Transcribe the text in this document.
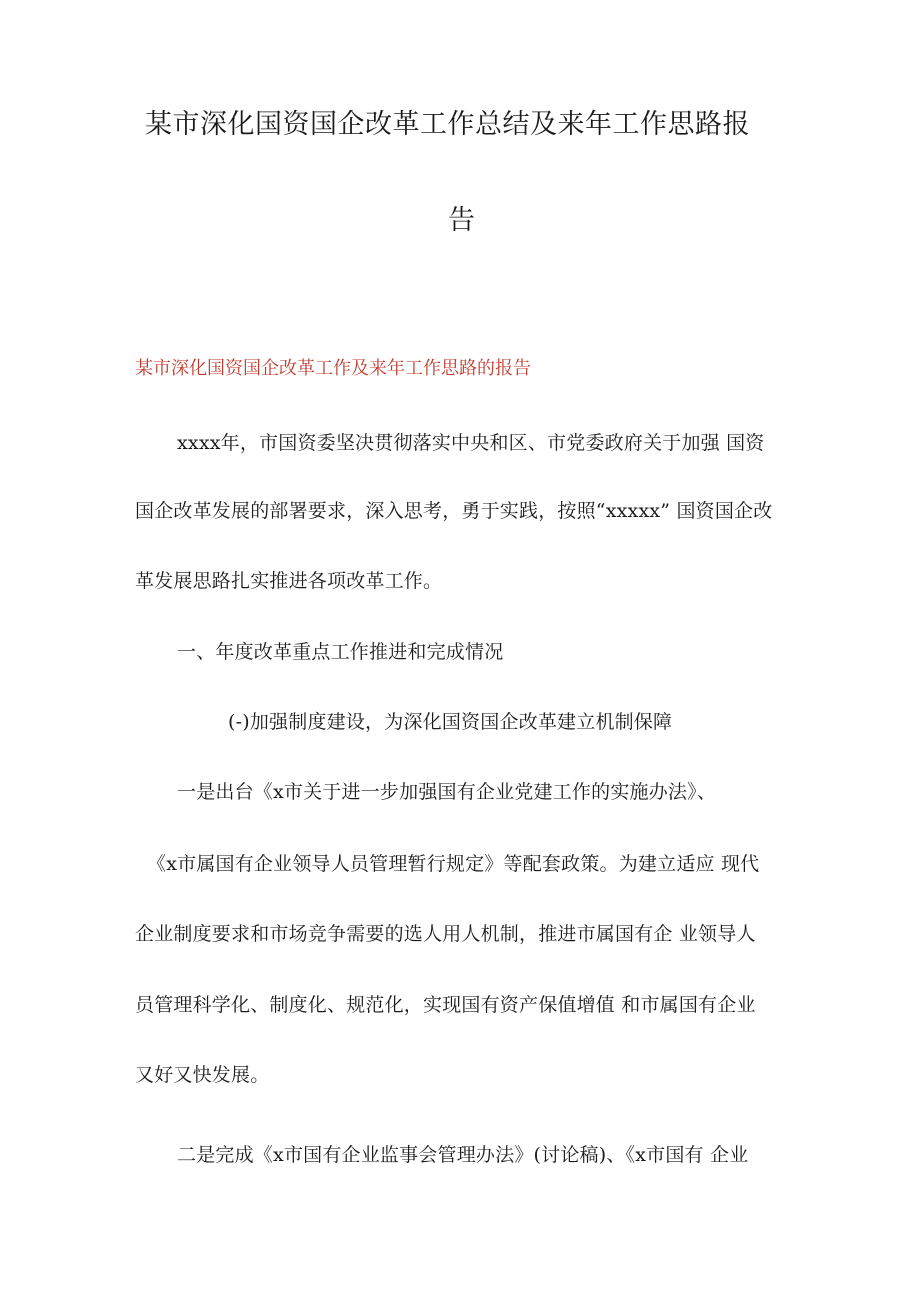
某市深化国资国企改革工作总结及来年工作思路报
告
某市深化国资国企改革工作及来年工作思路的报告
xxxx年，市国资委坚决贯彻落实中央和区、市党委政府关于加强 国资
国企改革发展的部署要求，深入思考，勇于实践，按照“xxxxx” 国资国企改
革发展思路扎实推进各项改革工作。
一、年度改革重点工作推进和完成情况
(-)加强制度建设，为深化国资国企改革建立机制保障
一是出台《x市关于进一步加强国有企业党建工作的实施办法》、
《x市属国有企业领导人员管理暂行规定》等配套政策。为建立适应 现代
企业制度要求和市场竞争需要的选人用人机制，推进市属国有企 业领导人
员管理科学化、制度化、规范化，实现国有资产保值增值 和市属国有企业
又好又快发展。
二是完成《x市国有企业监事会管理办法》(讨论稿)、《x市国有 企业
